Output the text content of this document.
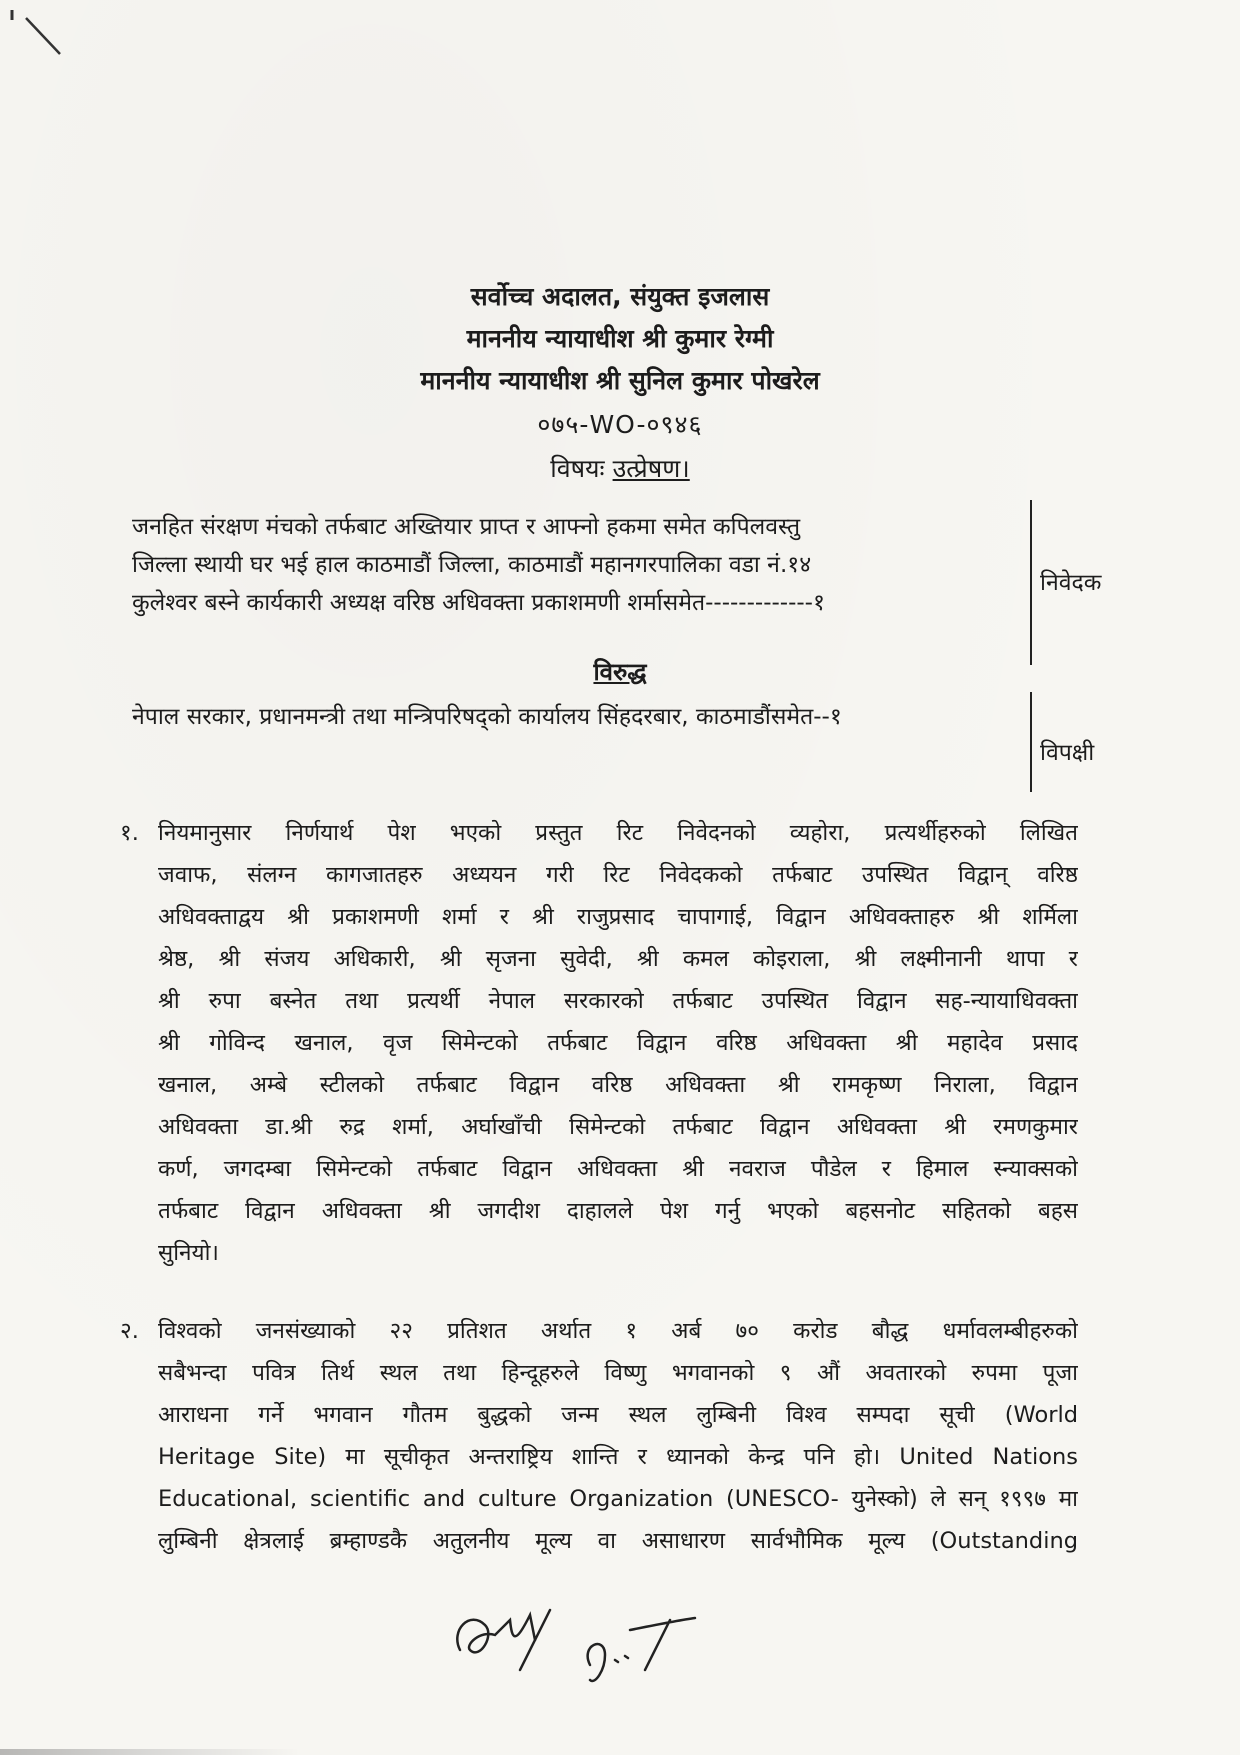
सर्वोच्च अदालत, संयुक्त इजलास
माननीय न्यायाधीश श्री कुमार रेग्मी
माननीय न्यायाधीश श्री सुनिल कुमार पोखरेल
०७५-WO-०९४६
विषयः उत्प्रेषण।
जनहित संरक्षण मंचको तर्फबाट अख्तियार प्राप्त र आफ्नो हकमा समेत कपिलवस्तु
जिल्ला स्थायी घर भई हाल काठमाडौं जिल्ला, काठमाडौं महानगरपालिका वडा नं.१४
कुलेश्वर बस्ने कार्यकारी अध्यक्ष वरिष्ठ अधिवक्ता प्रकाशमणी शर्मासमेत-------------१
निवेदक
विरुद्ध
नेपाल सरकार, प्रधानमन्त्री तथा मन्त्रिपरिषद्को कार्यालय सिंहदरबार, काठमाडौंसमेत--१
विपक्षी
१. नियमानुसार निर्णयार्थ पेश भएको प्रस्तुत रिट निवेदनको व्यहोरा, प्रत्यर्थीहरुको लिखित
जवाफ, संलग्न कागजातहरु अध्ययन गरी रिट निवेदकको तर्फबाट उपस्थित विद्वान् वरिष्ठ
अधिवक्ताद्वय श्री प्रकाशमणी शर्मा र श्री राजुप्रसाद चापागाई, विद्वान अधिवक्ताहरु श्री शर्मिला
श्रेष्ठ, श्री संजय अधिकारी, श्री सृजना सुवेदी, श्री कमल कोइराला, श्री लक्ष्मीनानी थापा र
श्री रुपा बस्नेत तथा प्रत्यर्थी नेपाल सरकारको तर्फबाट उपस्थित विद्वान सह-न्यायाधिवक्ता
श्री गोविन्द खनाल, वृज सिमेन्टको तर्फबाट विद्वान वरिष्ठ अधिवक्ता श्री महादेव प्रसाद
खनाल, अम्बे स्टीलको तर्फबाट विद्वान वरिष्ठ अधिवक्ता श्री रामकृष्ण निराला, विद्वान
अधिवक्ता डा.श्री रुद्र शर्मा, अर्घाखाँची सिमेन्टको तर्फबाट विद्वान अधिवक्ता श्री रमणकुमार
कर्ण, जगदम्बा सिमेन्टको तर्फबाट विद्वान अधिवक्ता श्री नवराज पौडेल र हिमाल स्न्याक्सको
तर्फबाट विद्वान अधिवक्ता श्री जगदीश दाहालले पेश गर्नु भएको बहसनोट सहितको बहस
सुनियो।
२. विश्वको जनसंख्याको २२ प्रतिशत अर्थात १ अर्ब ७० करोड बौद्ध धर्मावलम्बीहरुको
सबैभन्दा पवित्र तिर्थ स्थल तथा हिन्दूहरुले विष्णु भगवानको ९ औं अवतारको रुपमा पूजा
आराधना गर्ने भगवान गौतम बुद्धको जन्म स्थल लुम्बिनी विश्व सम्पदा सूची (World
Heritage Site) मा सूचीकृत अन्तराष्ट्रिय शान्ति र ध्यानको केन्द्र पनि हो। United Nations
Educational, scientific and culture Organization (UNESCO- युनेस्को) ले सन् १९९७ मा
लुम्बिनी क्षेत्रलाई ब्रम्हाण्डकै अतुलनीय मूल्य वा असाधारण सार्वभौमिक मूल्य (Outstanding
